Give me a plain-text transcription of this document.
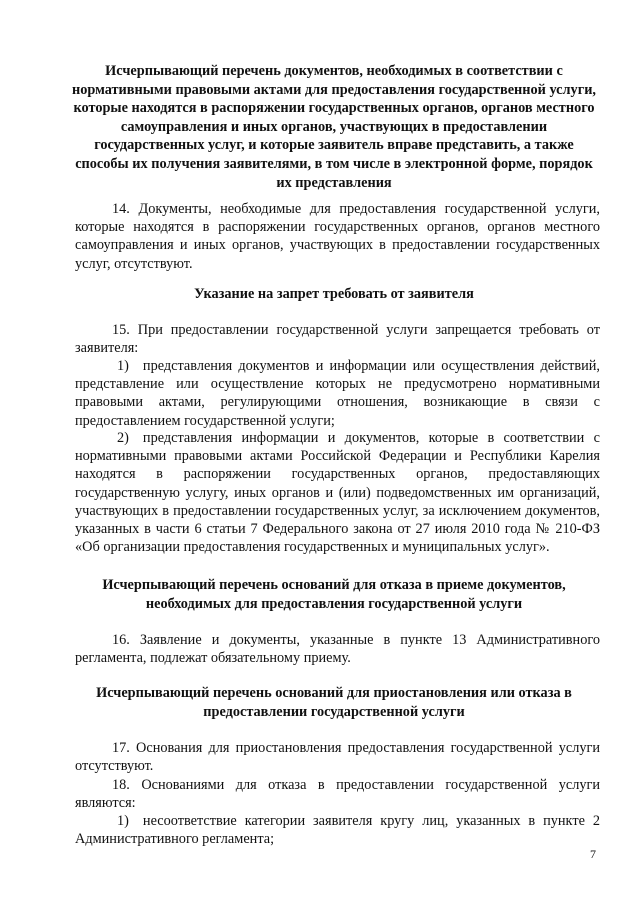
Исчерпывающий перечень документов, необходимых в соответствии с нормативными правовыми актами для предоставления государственной услуги, которые находятся в распоряжении государственных органов, органов местного самоуправления и иных органов, участвующих в предоставлении государственных услуг, и которые заявитель вправе представить, а также способы их получения заявителями, в том числе в электронной форме, порядок их представления

14. Документы, необходимые для предоставления государственной услуги, которые находятся в распоряжении государственных органов, органов местного самоуправления и иных органов, участвующих в предоставлении государственных услуг, отсутствуют.

Указание на запрет требовать от заявителя

15. При предоставлении государственной услуги запрещается требовать от заявителя:

1) представления документов и информации или осуществления действий, представление или осуществление которых не предусмотрено нормативными правовыми актами, регулирующими отношения, возникающие в связи с предоставлением государственной услуги;

2) представления информации и документов, которые в соответствии с нормативными правовыми актами Российской Федерации и Республики Карелия находятся в распоряжении государственных органов, предоставляющих государственную услугу, иных органов и (или) подведомственных им организаций, участвующих в предоставлении государственных услуг, за исключением документов, указанных в части 6 статьи 7 Федерального закона от 27 июля 2010 года № 210-ФЗ «Об организации предоставления государственных и муниципальных услуг».

Исчерпывающий перечень оснований для отказа в приеме документов, необходимых для предоставления государственной услуги

16. Заявление и документы, указанные в пункте 13 Административного регламента, подлежат обязательному приему.

Исчерпывающий перечень оснований для приостановления или отказа в предоставлении государственной услуги

17. Основания для приостановления предоставления государственной услуги отсутствуют.

18. Основаниями для отказа в предоставлении государственной услуги являются:

1) несоответствие категории заявителя кругу лиц, указанных в пункте 2 Административного регламента;

7
